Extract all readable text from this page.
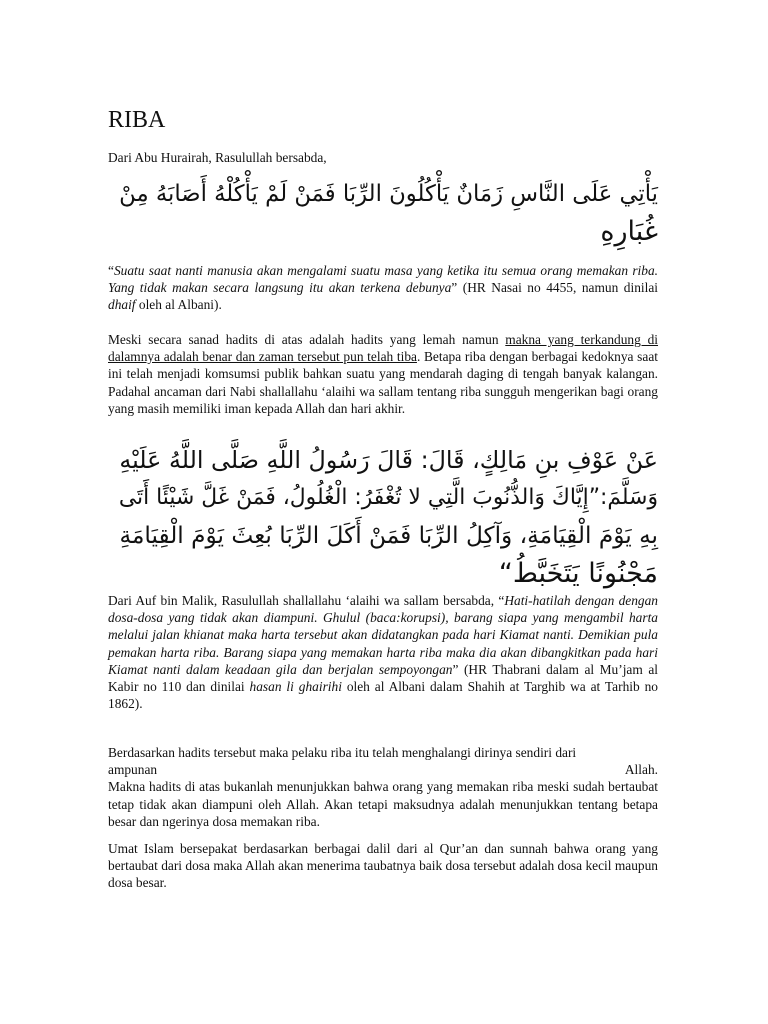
RIBA
Dari Abu Hurairah, Rasulullah bersabda,
يَأْتِي عَلَى النَّاسِ زَمَانٌ يَأْكُلُونَ الرِّبَا فَمَنْ لَمْ يَأْكُلْهُ أَصَابَهُ مِنْ
غُبَارِهِ
“Suatu saat nanti manusia akan mengalami suatu masa yang ketika itu semua orang memakan riba. Yang tidak makan secara langsung itu akan terkena debunya” (HR Nasai no 4455, namun dinilai dhaif oleh al Albani).
Meski secara sanad hadits di atas adalah hadits yang lemah namun makna yang terkandung di dalamnya adalah benar dan zaman tersebut pun telah tiba. Betapa riba dengan berbagai kedoknya saat ini telah menjadi komsumsi publik bahkan suatu yang mendarah daging di tengah banyak kalangan. Padahal ancaman dari Nabi shallallahu ‘alaihi wa sallam tentang riba sungguh mengerikan bagi orang yang masih memiliki iman kepada Allah dan hari akhir.
عَنْ عَوْفِ بنِ مَالِكٍ، قَالَ: قَالَ رَسُولُ اللَّهِ صَلَّى اللَّهُ عَلَيْهِ
وَسَلَّمَ:”إِيَّاكَ وَالذُّنُوبَ الَّتِي لا تُغْفَرُ: الْغُلُولُ، فَمَنْ غَلَّ شَيْئًا أَتَى
بِهِ يَوْمَ الْقِيَامَةِ، وَآكِلُ الرِّبَا فَمَنْ أَكَلَ الرِّبَا بُعِثَ يَوْمَ الْقِيَامَةِ
مَجْنُونًا يَتَخَبَّطُ“
Dari Auf bin Malik, Rasulullah shallallahu ‘alaihi wa sallam bersabda, “Hati-hatilah dengan dengan dosa-dosa yang tidak akan diampuni. Ghulul (baca:korupsi), barang siapa yang mengambil harta melalui jalan khianat maka harta tersebut akan didatangkan pada hari Kiamat nanti. Demikian pula pemakan harta riba. Barang siapa yang memakan harta riba maka dia akan dibangkitkan pada hari Kiamat nanti dalam keadaan gila dan berjalan sempoyongan” (HR Thabrani dalam al Mu’jam al Kabir no 110 dan dinilai hasan li ghairihi oleh al Albani dalam Shahih at Targhib wa at Tarhib no 1862).
Berdasarkan hadits tersebut maka pelaku riba itu telah menghalangi dirinya sendiri dari
ampunan	Allah.
Makna hadits di atas bukanlah menunjukkan bahwa orang yang memakan riba meski sudah bertaubat tetap tidak akan diampuni oleh Allah. Akan tetapi maksudnya adalah menunjukkan tentang betapa besar dan ngerinya dosa memakan riba.
Umat Islam bersepakat berdasarkan berbagai dalil dari al Qur’an dan sunnah bahwa orang yang bertaubat dari dosa maka Allah akan menerima taubatnya baik dosa tersebut adalah dosa kecil maupun dosa besar.
